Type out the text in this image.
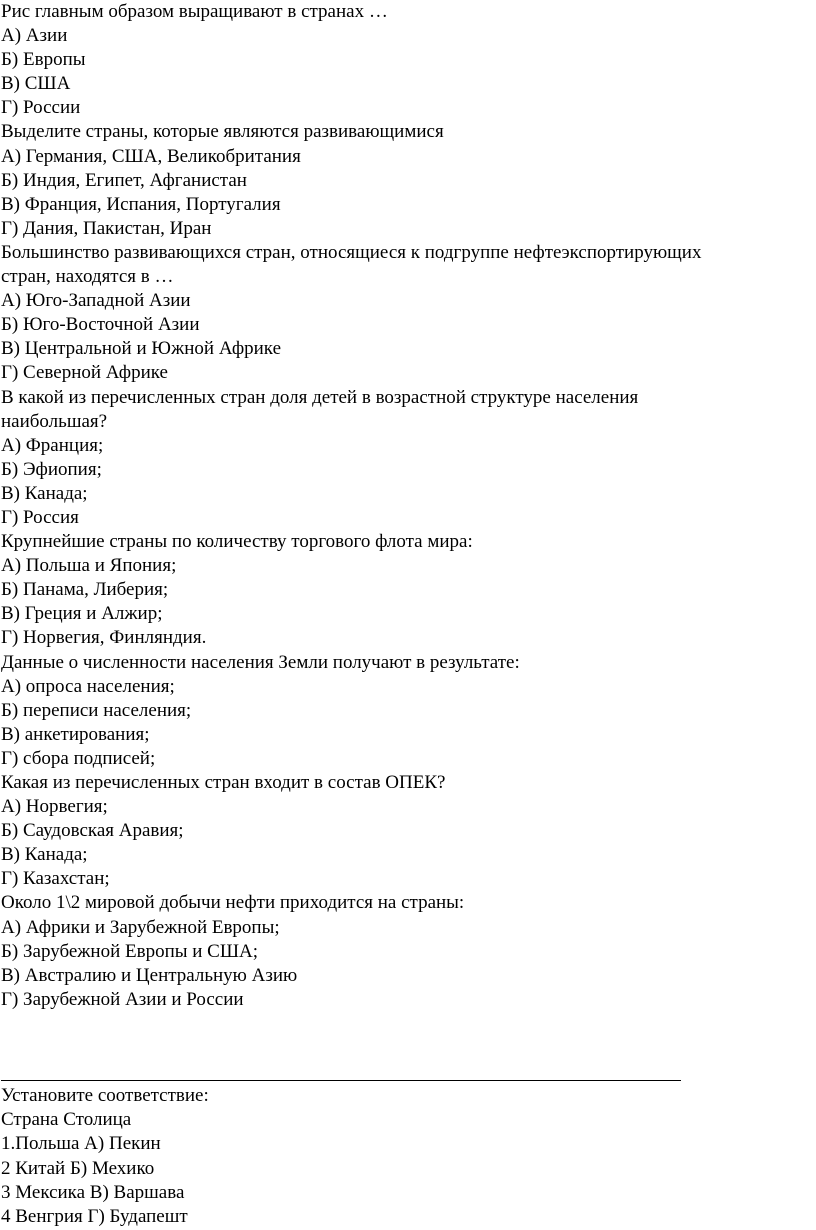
Рис главным образом выращивают в странах …
А) Азии
Б) Европы
В) США
Г) России
Выделите страны, которые являются развивающимися
А) Германия, США, Великобритания
Б) Индия, Египет, Афганистан
В) Франция, Испания, Португалия
Г) Дания, Пакистан, Иран
Большинство развивающихся стран, относящиеся к подгруппе нефтеэкспортирующих
стран, находятся в …
А) Юго-Западной Азии
Б) Юго-Восточной Азии
В) Центральной и Южной Африке
Г) Северной Африке
В какой из перечисленных стран доля детей в возрастной структуре населения
наибольшая?
А) Франция;
Б) Эфиопия;
В) Канада;
Г) Россия
Крупнейшие страны по количеству торгового флота мира:
А) Польша и Япония;
Б) Панама, Либерия;
В) Греция и Алжир;
Г) Норвегия, Финляндия.
Данные о численности населения Земли получают в результате:
А) опроса населения;
Б) переписи населения;
В) анкетирования;
Г) сбора подписей;
Какая из перечисленных стран входит в состав ОПЕК?
А) Норвегия;
Б) Саудовская Аравия;
В) Канада;
Г) Казахстан;
Около 1\2 мировой добычи нефти приходится на страны:
А) Африки и Зарубежной Европы;
Б) Зарубежной Европы и США;
В) Австралию и Центральную Азию
Г) Зарубежной Азии и России
Установите соответствие:
Страна Столица
1.Польша А) Пекин
2 Китай Б) Мехико
3 Мексика В) Варшава
4 Венгрия Г) Будапешт
